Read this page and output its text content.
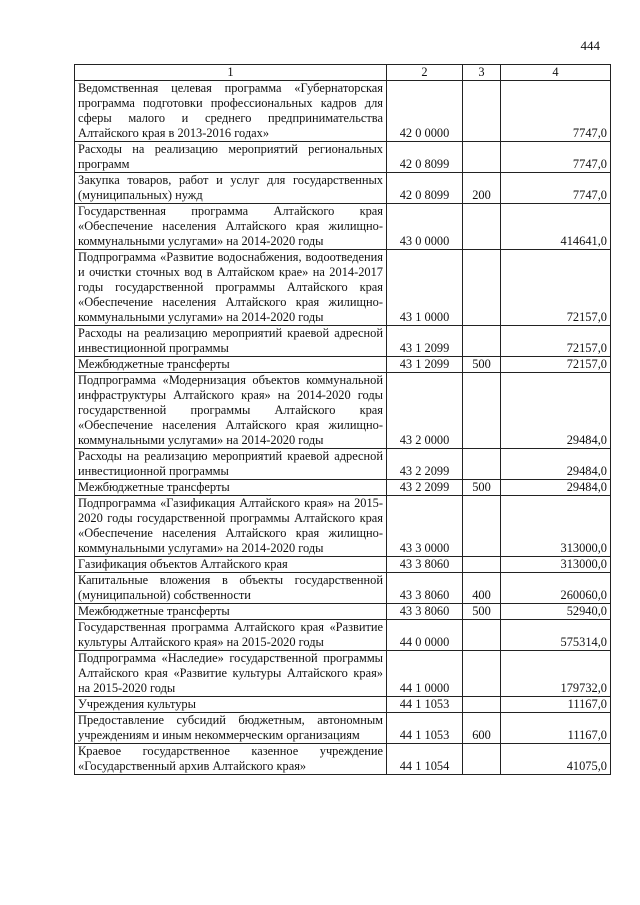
444
1	2	3	4
Ведомственная целевая программа «Губернаторская программа подготовки профессиональных кадров для сферы малого и среднего предпринимательства Алтайского края в 2013-2016 годах»	42 0 0000		7747,0
Расходы на реализацию мероприятий региональных программ	42 0 8099		7747,0
Закупка товаров, работ и услуг для государственных (муниципальных) нужд	42 0 8099	200	7747,0
Государственная программа Алтайского края «Обеспечение населения Алтайского края жилищно-коммунальными услугами» на 2014-2020 годы	43 0 0000		414641,0
Подпрограмма «Развитие водоснабжения, водоотведения и очистки сточных вод в Алтайском крае» на 2014-2017 годы государственной программы Алтайского края «Обеспечение населения Алтайского края жилищно-коммунальными услугами» на 2014-2020 годы	43 1 0000		72157,0
Расходы на реализацию мероприятий краевой адресной инвестиционной программы	43 1 2099		72157,0
Межбюджетные трансферты	43 1 2099	500	72157,0
Подпрограмма «Модернизация объектов коммунальной инфраструктуры Алтайского края» на 2014-2020 годы государственной программы Алтайского края «Обеспечение населения Алтайского края жилищно-коммунальными услугами» на 2014-2020 годы	43 2 0000		29484,0
Расходы на реализацию мероприятий краевой адресной инвестиционной программы	43 2 2099		29484,0
Межбюджетные трансферты	43 2 2099	500	29484,0
Подпрограмма «Газификация Алтайского края» на 2015-2020 годы государственной программы Алтайского края «Обеспечение населения Алтайского края жилищно-коммунальными услугами» на 2014-2020 годы	43 3 0000		313000,0
Газификация объектов Алтайского края	43 3 8060		313000,0
Капитальные вложения в объекты государственной (муниципальной) собственности	43 3 8060	400	260060,0
Межбюджетные трансферты	43 3 8060	500	52940,0
Государственная программа Алтайского края «Развитие культуры Алтайского края» на 2015-2020 годы	44 0 0000		575314,0
Подпрограмма «Наследие» государственной программы Алтайского края «Развитие культуры Алтайского края» на 2015-2020 годы	44 1 0000		179732,0
Учреждения культуры	44 1 1053		11167,0
Предоставление субсидий бюджетным, автономным учреждениям и иным некоммерческим организациям	44 1 1053	600	11167,0
Краевое государственное казенное учреждение «Государственный архив Алтайского края»	44 1 1054		41075,0
